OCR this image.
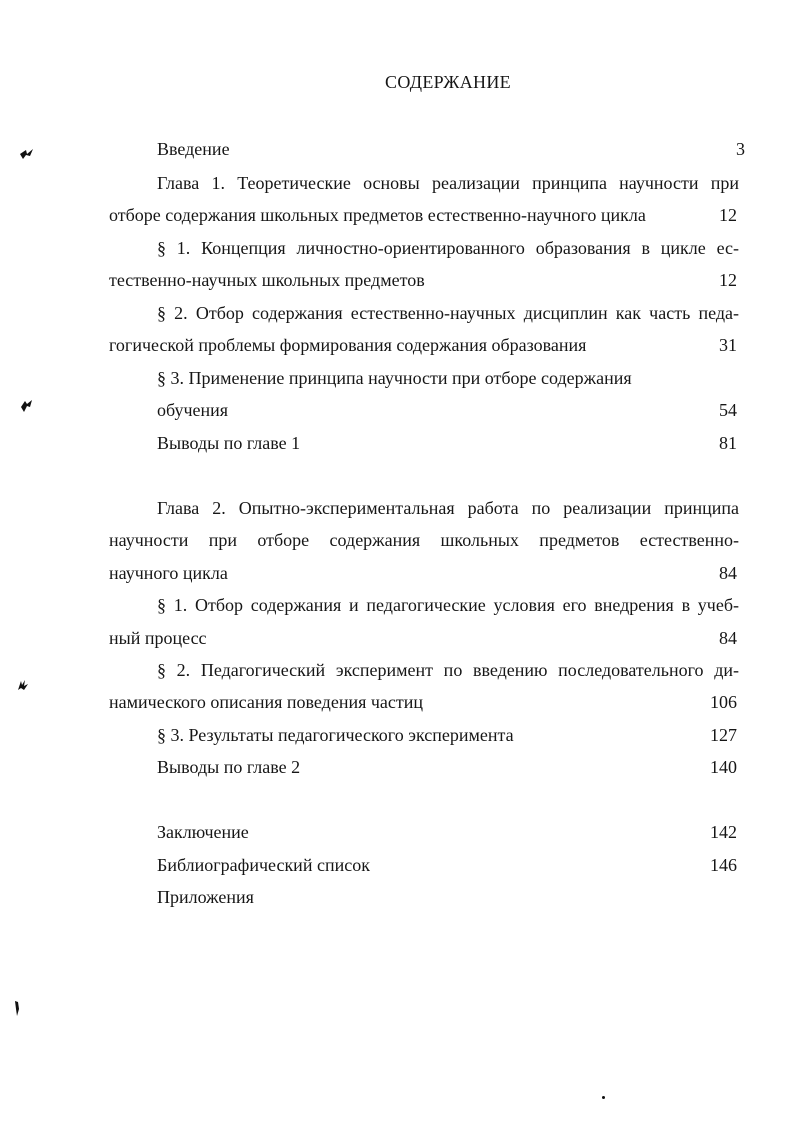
СОДЕРЖАНИЕ
Введение	3
Глава 1. Теоретические основы реализации принципа научности при
отборе содержания школьных предметов естественно-научного цикла	12
§ 1. Концепция личностно-ориентированного образования в цикле ес-
тественно-научных школьных предметов	12
§ 2. Отбор содержания естественно-научных дисциплин как часть педа-
гогической проблемы формирования содержания образования	31
§ 3. Применение принципа научности при отборе содержания
обучения	54
Выводы по главе 1	81
Глава 2. Опытно-экспериментальная работа по реализации принципа
научности при отборе содержания школьных предметов естественно-
научного цикла	84
§ 1. Отбор содержания и педагогические условия его внедрения в учеб-
ный процесс	84
§ 2. Педагогический эксперимент по введению последовательного ди-
намического описания поведения частиц	106
§ 3. Результаты педагогического эксперимента	127
Выводы по главе 2	140
Заключение	142
Библиографический список	146
Приложения
